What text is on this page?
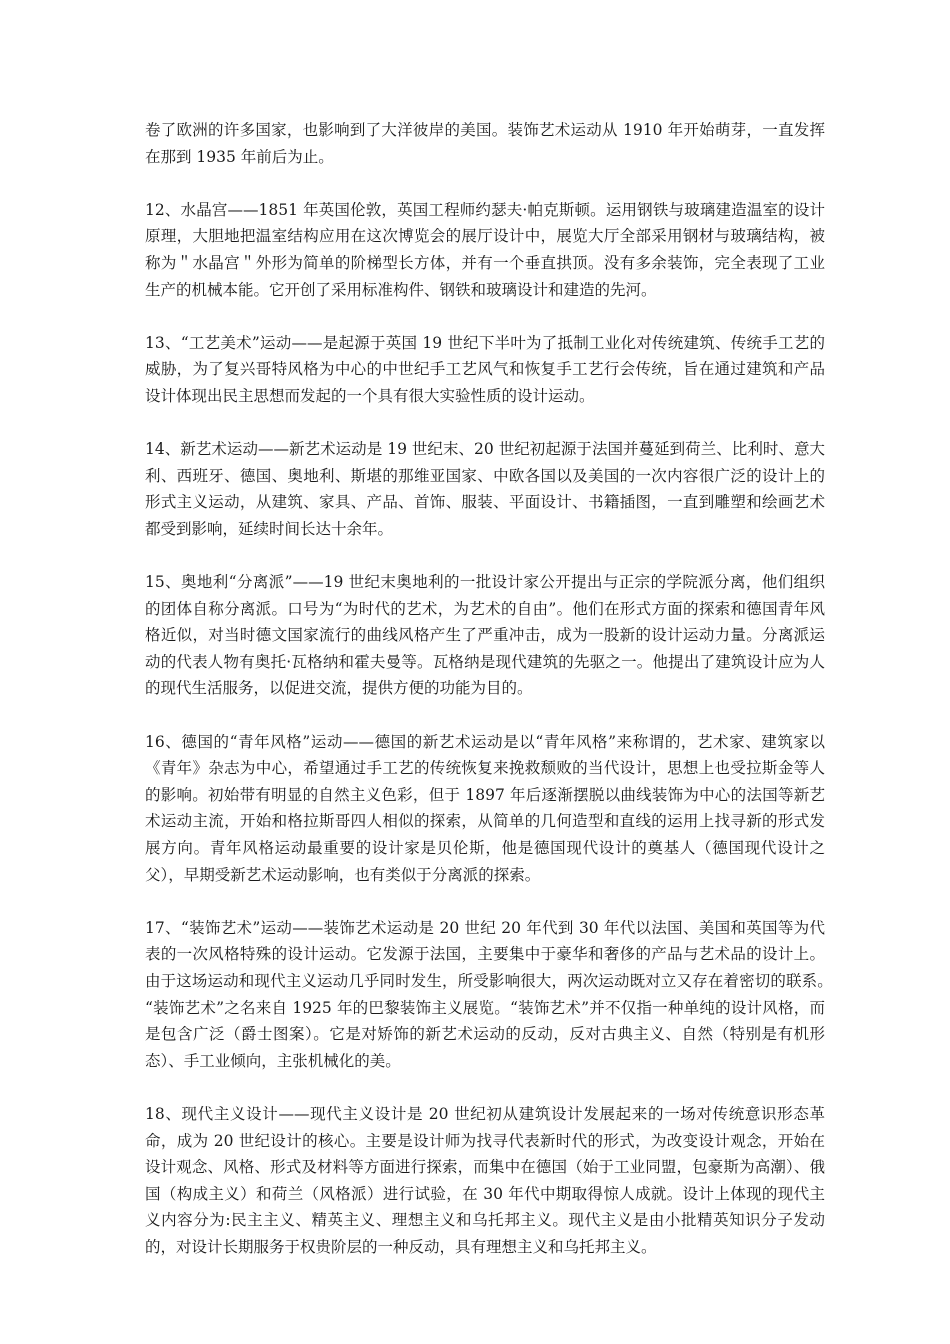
卷了欧洲的许多国家，也影响到了大洋彼岸的美国。装饰艺术运动从 1910 年开始萌芽，一直发挥在那到 1935 年前后为止。

12、水晶宫——1851 年英国伦敦，英国工程师约瑟夫·帕克斯顿。运用钢铁与玻璃建造温室的设计原理，大胆地把温室结构应用在这次博览会的展厅设计中，展览大厅全部采用钢材与玻璃结构，被称为＂水晶宫＂外形为简单的阶梯型长方体，并有一个垂直拱顶。没有多余装饰，完全表现了工业生产的机械本能。它开创了采用标准构件、钢铁和玻璃设计和建造的先河。

13、“工艺美术”运动——是起源于英国 19 世纪下半叶为了抵制工业化对传统建筑、传统手工艺的威胁，为了复兴哥特风格为中心的中世纪手工艺风气和恢复手工艺行会传统，旨在通过建筑和产品设计体现出民主思想而发起的一个具有很大实验性质的设计运动。

14、新艺术运动——新艺术运动是 19 世纪末、20 世纪初起源于法国并蔓延到荷兰、比利时、意大利、西班牙、德国、奥地利、斯堪的那维亚国家、中欧各国以及美国的一次内容很广泛的设计上的形式主义运动，从建筑、家具、产品、首饰、服装、平面设计、书籍插图，一直到雕塑和绘画艺术都受到影响，延续时间长达十余年。

15、奥地利“分离派”——19 世纪末奥地利的一批设计家公开提出与正宗的学院派分离，他们组织的团体自称分离派。口号为“为时代的艺术，为艺术的自由”。他们在形式方面的探索和德国青年风格近似，对当时德文国家流行的曲线风格产生了严重冲击，成为一股新的设计运动力量。分离派运动的代表人物有奥托·瓦格纳和霍夫曼等。瓦格纳是现代建筑的先驱之一。他提出了建筑设计应为人的现代生活服务，以促进交流，提供方便的功能为目的。

16、德国的“青年风格”运动——德国的新艺术运动是以“青年风格”来称谓的，艺术家、建筑家以《青年》杂志为中心，希望通过手工艺的传统恢复来挽救颓败的当代设计，思想上也受拉斯金等人的影响。初始带有明显的自然主义色彩，但于 1897 年后逐渐摆脱以曲线装饰为中心的法国等新艺术运动主流，开始和格拉斯哥四人相似的探索，从简单的几何造型和直线的运用上找寻新的形式发展方向。青年风格运动最重要的设计家是贝伦斯，他是德国现代设计的奠基人（德国现代设计之父），早期受新艺术运动影响，也有类似于分离派的探索。

17、“装饰艺术”运动——装饰艺术运动是 20 世纪 20 年代到 30 年代以法国、美国和英国等为代表的一次风格特殊的设计运动。它发源于法国，主要集中于豪华和奢侈的产品与艺术品的设计上。由于这场运动和现代主义运动几乎同时发生，所受影响很大，两次运动既对立又存在着密切的联系。　“装饰艺术”之名来自 1925 年的巴黎装饰主义展览。“装饰艺术”并不仅指一种单纯的设计风格，而是包含广泛（爵士图案）。它是对矫饰的新艺术运动的反动，反对古典主义、自然（特别是有机形态）、手工业倾向，主张机械化的美。

18、现代主义设计——现代主义设计是 20 世纪初从建筑设计发展起来的一场对传统意识形态革命，成为 20 世纪设计的核心。主要是设计师为找寻代表新时代的形式，为改变设计观念，开始在设计观念、风格、形式及材料等方面进行探索，而集中在德国（始于工业同盟，包豪斯为高潮）、俄国（构成主义）和荷兰（风格派）进行试验，在 30 年代中期取得惊人成就。设计上体现的现代主义内容分为:民主主义、精英主义、理想主义和乌托邦主义。现代主义是由小批精英知识分子发动的，对设计长期服务于权贵阶层的一种反动，具有理想主义和乌托邦主义。
